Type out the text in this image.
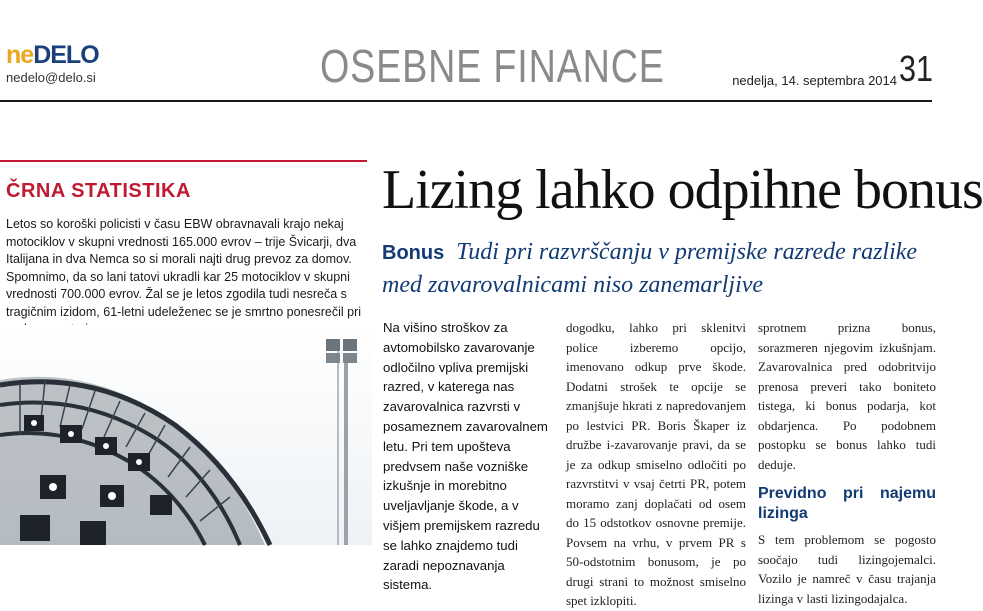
neDELO
nedelo@delo.si	OSEBNE FINANCE	nedelja, 14. septembra 2014 31
ČRNA STATISTIKA

Letos so koroški policisti v času EBW obravnavali krajo nekaj motociklov v skupni vrednosti 165.000 evrov – trije Švicarji, dva Italijana in dva Nemca so si morali najti drug prevoz za domov. Spomnimo, da so lani tatovi ukradli kar 25 motociklov v skupni vrednosti 700.000 evrov. Žal se je letos zgodila tudi nesreča s tragičnim izidom, 61-letni udeleženec se je smrtno ponesrečil pri

Lizing lahko odpihne bonus

Bonus Tudi pri razvrščanju v premijske razrede razlike med zavarovalnicami niso zanemarljive

Na višino stroškov za avtomobilsko zavarovanje odločilno vpliva premijski razred, v katerega nas zavarovalnica razvrsti v posameznem zavarovalnem letu. Pri tem upošteva predvsem naše vozniške izkušnje in morebitno uveljavljanje škode, a v višjem premijskem razredu se lahko znajdemo tudi zaradi nepoznavanja sistema.

dogodku, lahko pri sklenitvi police izberemo opcijo, imenovano odkup prve škode. Dodatni strošek te opcije se zmanjšuje hkrati z napredovanjem po lestvici PR. Boris Škaper iz družbe i-zavarovanje pravi, da se je za odkup smiselno odločiti po razvrstitvi v vsaj četrti PR, potem moramo zanj doplačati od osem do 15 odstotkov osnovne premije. Povsem na vrhu, v prvem PR s 50-odstotnim bonusom, je po drugi strani to možnost smiselno spet izklopiti.

sprotnem prizna bonus, sorazmeren njegovim izkušnjam. Zavarovalnica pred odobritvijo prenosa preveri tako boniteto tistega, ki bonus podarja, kot obdarjenca. Po podobnem postopku se bonus lahko tudi deduje.

Previdno pri najemu lizinga

S tem problemom se pogosto soočajo tudi lizingojemalci. Vozilo je namreč v času trajanja lizinga v lasti lizingodajalca.
